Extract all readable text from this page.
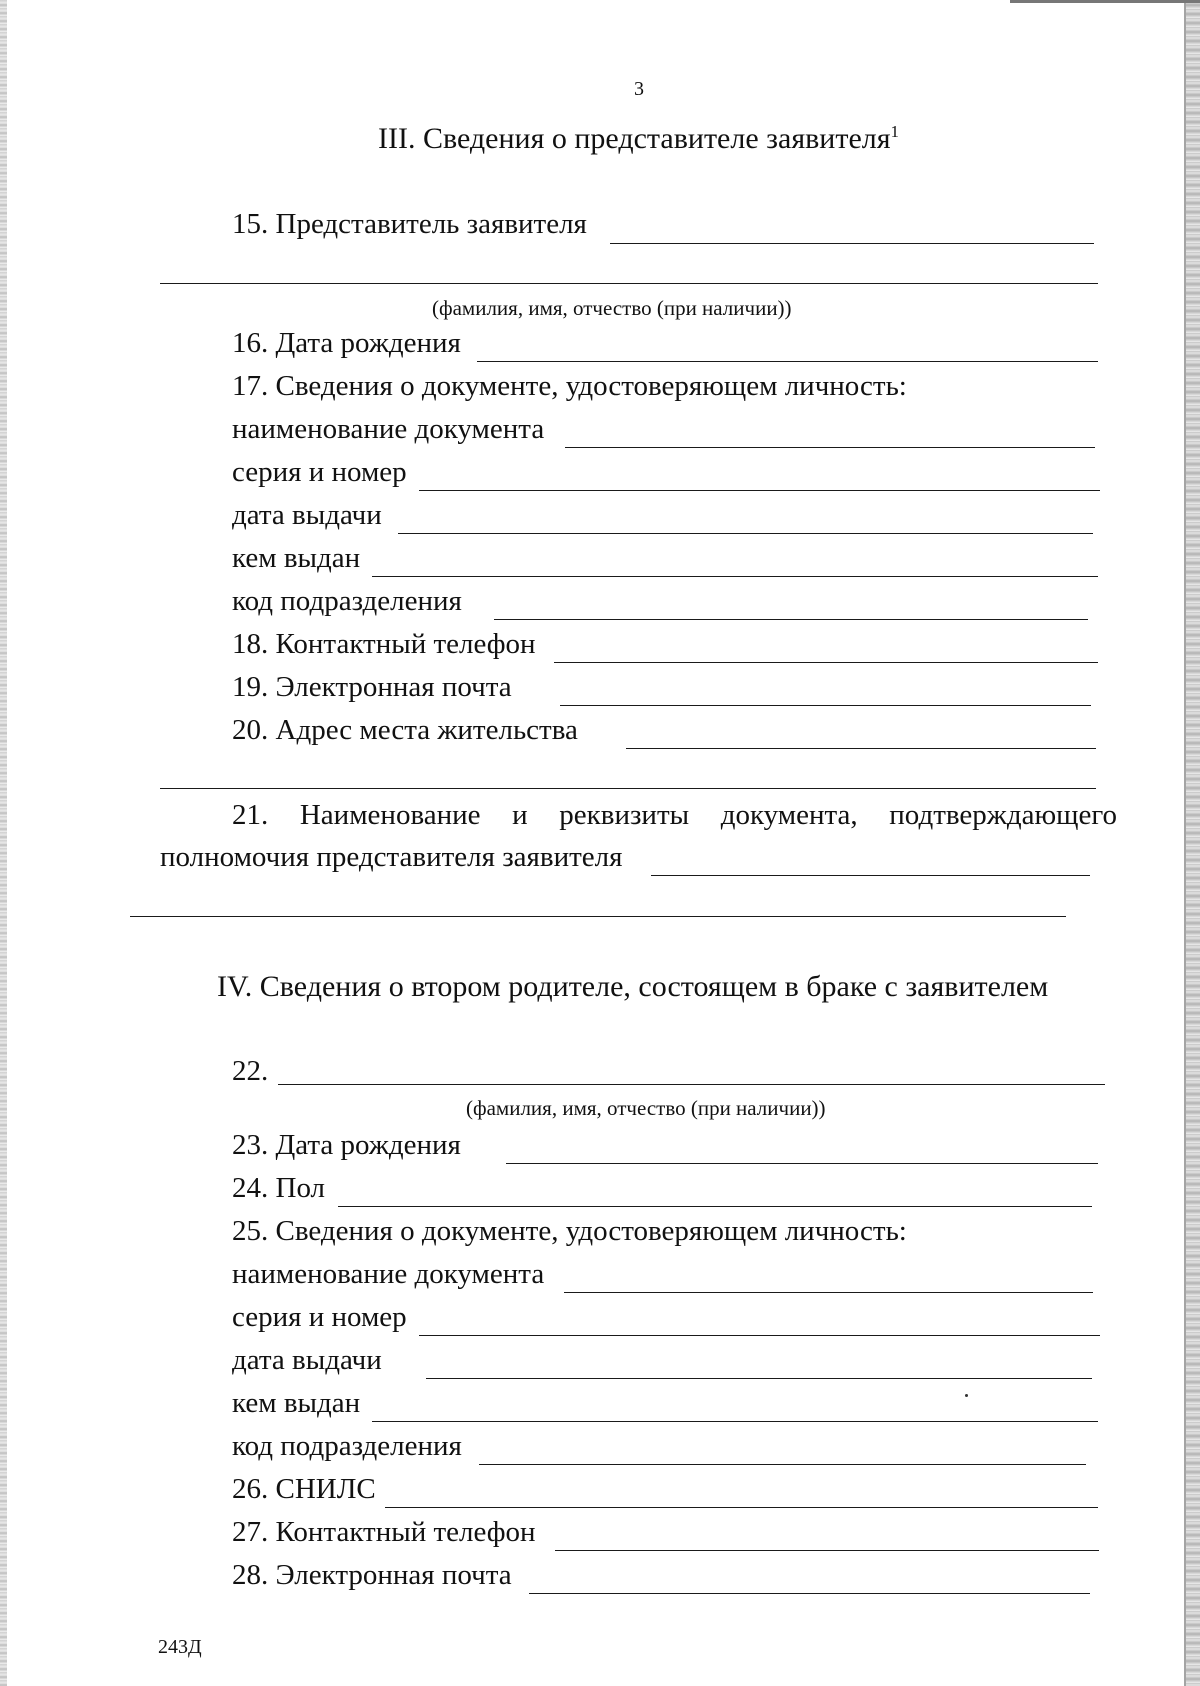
3
III. Сведения о представителе заявителя$^1$
15. Представитель заявителя
(фамилия, имя, отчество (при наличии))
16. Дата рождения
17. Сведения о документе, удостоверяющем личность:
наименование документа
серия и номер
дата выдачи
кем выдан
код подразделения
18. Контактный телефон
19. Электронная почта
20. Адрес места жительства
21. Наименование и реквизиты документа, подтверждающего
полномочия представителя заявителя
IV. Сведения о втором родителе, состоящем в браке с заявителем
22.
(фамилия, имя, отчество (при наличии))
23. Дата рождения
24. Пол
25. Сведения о документе, удостоверяющем личность:
наименование документа
серия и номер
дата выдачи
кем выдан
код подразделения
26. СНИЛС
27. Контактный телефон
28. Электронная почта
243Д
